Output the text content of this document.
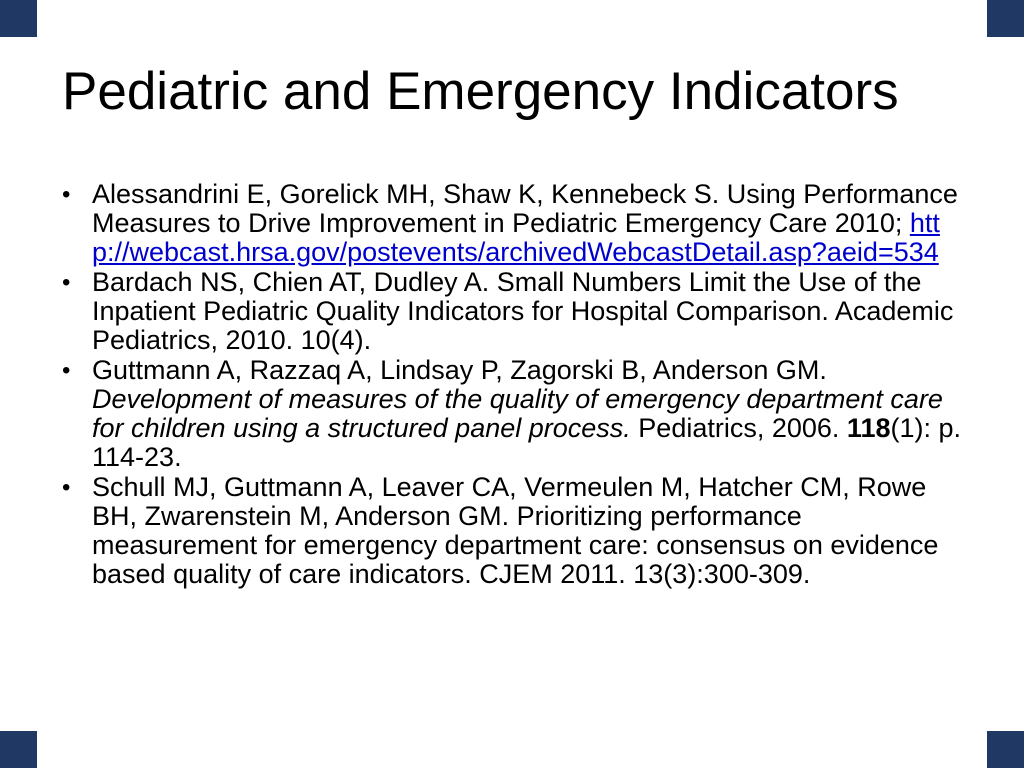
Pediatric and Emergency Indicators
• Alessandrini E, Gorelick MH, Shaw K, Kennebeck S. Using Performance Measures to Drive Improvement in Pediatric Emergency Care 2010; http://webcast.hrsa.gov/postevents/archivedWebcastDetail.asp?aeid=534
• Bardach NS, Chien AT, Dudley A. Small Numbers Limit the Use of the Inpatient Pediatric Quality Indicators for Hospital Comparison. Academic Pediatrics, 2010. 10(4).
• Guttmann A, Razzaq A, Lindsay P, Zagorski B, Anderson GM. Development of measures of the quality of emergency department care for children using a structured panel process. Pediatrics, 2006. 118(1): p. 114-23.
• Schull MJ, Guttmann A, Leaver CA, Vermeulen M, Hatcher CM, Rowe BH, Zwarenstein M, Anderson GM. Prioritizing performance measurement for emergency department care: consensus on evidence based quality of care indicators. CJEM 2011. 13(3):300-309.
